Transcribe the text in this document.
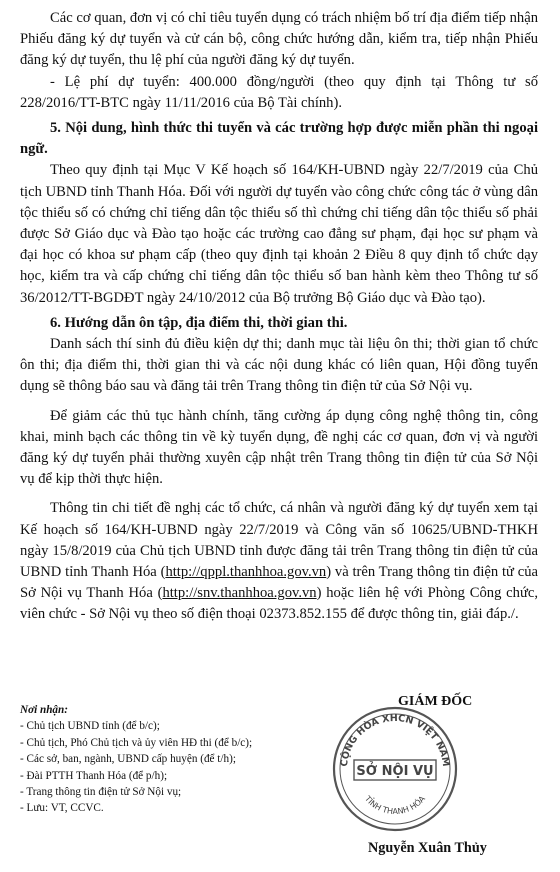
Các cơ quan, đơn vị có chỉ tiêu tuyển dụng có trách nhiệm bố trí địa điểm tiếp nhận Phiếu đăng ký dự tuyển và cử cán bộ, công chức hướng dẫn, kiểm tra, tiếp nhận Phiếu đăng ký dự tuyển, thu lệ phí của người đăng ký dự tuyển.

- Lệ phí dự tuyển: 400.000 đồng/người (theo quy định tại Thông tư số 228/2016/TT-BTC ngày 11/11/2016 của Bộ Tài chính).

5. Nội dung, hình thức thi tuyển và các trường hợp được miễn phần thi ngoại ngữ.

Theo quy định tại Mục V Kế hoạch số 164/KH-UBND ngày 22/7/2019 của Chủ tịch UBND tỉnh Thanh Hóa. Đối với người dự tuyển vào công chức công tác ở vùng dân tộc thiểu số có chứng chỉ tiếng dân tộc thiểu số thì chứng chỉ tiếng dân tộc thiểu số phải được Sở Giáo dục và Đào tạo hoặc các trường cao đẳng sư phạm, đại học sư phạm và đại học có khoa sư phạm cấp (theo quy định tại khoản 2 Điều 8 quy định tổ chức dạy học, kiểm tra và cấp chứng chỉ tiếng dân tộc thiểu số ban hành kèm theo Thông tư số 36/2012/TT-BGDĐT ngày 24/10/2012 của Bộ trưởng Bộ Giáo dục và Đào tạo).

6. Hướng dẫn ôn tập, địa điểm thi, thời gian thi.

Danh sách thí sinh đủ điều kiện dự thi; danh mục tài liệu ôn thi; thời gian tổ chức ôn thi; địa điểm thi, thời gian thi và các nội dung khác có liên quan, Hội đồng tuyển dụng sẽ thông báo sau và đăng tải trên Trang thông tin điện tử của Sở Nội vụ.

Để giảm các thủ tục hành chính, tăng cường áp dụng công nghệ thông tin, công khai, minh bạch các thông tin về kỳ tuyển dụng, đề nghị các cơ quan, đơn vị và người đăng ký dự tuyển phải thường xuyên cập nhật trên Trang thông tin điện tử của Sở Nội vụ để kịp thời thực hiện.

Thông tin chi tiết đề nghị các tổ chức, cá nhân và người đăng ký dự tuyển xem tại Kế hoạch số 164/KH-UBND ngày 22/7/2019 và Công văn số 10625/UBND-THKH ngày 15/8/2019 của Chủ tịch UBND tỉnh được đăng tải trên Trang thông tin điện tử của UBND tỉnh Thanh Hóa (http://qppl.thanhhoa.gov.vn) và trên Trang thông tin điện tử của Sở Nội vụ Thanh Hóa (http://snv.thanhhoa.gov.vn) hoặc liên hệ với Phòng Công chức, viên chức - Sở Nội vụ theo số điện thoại 02373.852.155 để được thông tin, giải đáp./.

Nơi nhận:
- Chủ tịch UBND tỉnh (để b/c);
- Chủ tịch, Phó Chủ tịch và ủy viên HĐ thi (để b/c);
- Các sở, ban, ngành, UBND cấp huyện (để t/h);
- Đài PTTH Thanh Hóa (để p/h);
- Trang thông tin điện tử Sở Nội vụ;
- Lưu: VT, CCVC.
CỘNG HÒA XHCN VIỆT NAM
SỞ NỘI VỤ
TỈNH THANH HÓA
GIÁM ĐỐC
Nguyễn Xuân Thủy
